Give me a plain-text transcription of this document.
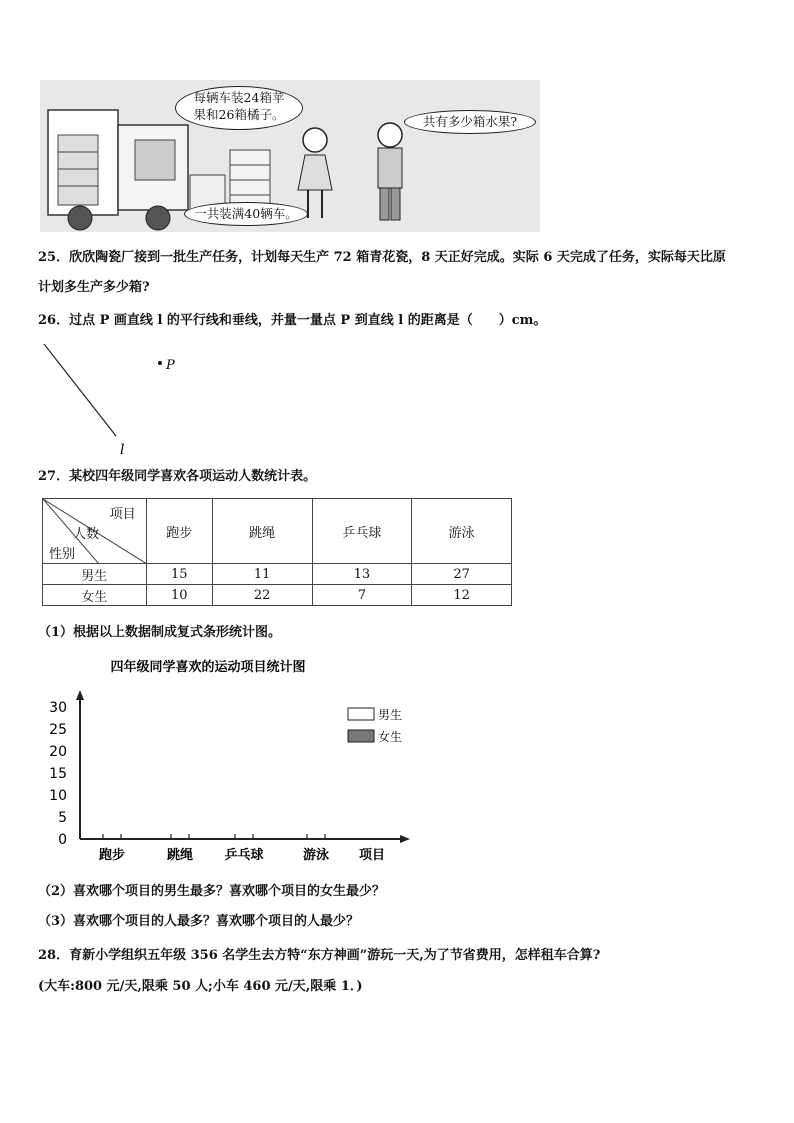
每辆车装24箱苹果和26箱橘子。	共有多少箱水果?
一共装满40辆车。
25．欣欣陶瓷厂接到一批生产任务，计划每天生产 72 箱青花瓷，8 天正好完成。实际 6 天完成了任务，实际每天比原
计划多生产多少箱?
26．过点 P 画直线 l 的平行线和垂线，并量一量点 P 到直线 l 的距离是（　　）cm。
P
l
27．某校四年级同学喜欢各项运动人数统计表。
项目
人数
性别	跑步	跳绳	乒乓球	游泳
男生	15	11	13	27
女生	10	22	7	12
（1）根据以上数据制成复式条形统计图。
四年级同学喜欢的运动项目统计图
0
5
10
15
20
25
30
跑步	跳绳 乒乓球	游泳 项目
男生
女生
（2）喜欢哪个项目的男生最多？喜欢哪个项目的女生最少？
（3）喜欢哪个项目的人最多？喜欢哪个项目的人最少？
28．育新小学组织五年级 356 名学生去方特“东方神画”游玩一天,为了节省费用，怎样租车合算?
(大车:800 元/天,限乘 50 人;小车 460 元/天,限乘 1．)
